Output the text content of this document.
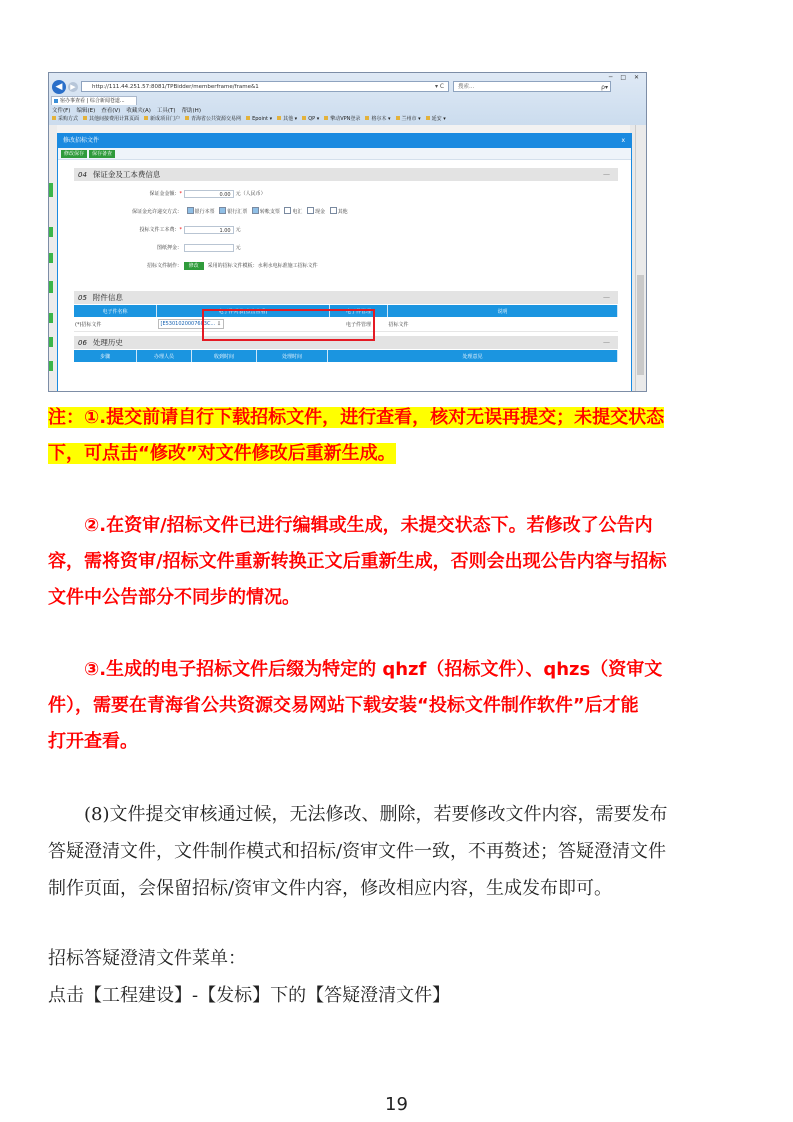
◀	▶	http://111.44.251.57:8081/TPBidder/memberframe/frame&1	▾ C	搜索...	ρ▾
─ □ ✕
宿办事查看 | 综合新闻苍道...
文件(F) 编辑(E) 查看(V) 收藏夹(A) 工具(T) 帮助(H)
采购方式 其他间接费用计算页面 新成项目门户 青海省公共资源交易网 Epoint ▾ 其他 ▾ QP ▾ 擎动VPN登录 格尔木 ▾ 兰州市 ▾ 延安 ▾
修改招标文件	x
修改保存 保存备查
04 保证金及工本费信息	—
保证金金额：*	0.00 元（人民币）
保证金允许递交方式：	银行本票	银行汇票	转帐支票	电汇	现金	其他
投标文件工本费：*	1.00 元
图纸押金：	元
招标文件制作： 修改 采用的招标文件模板：水利水电标准施工招标文件
05 附件信息	—
电子件名称	电子件列表(点击查看)	电子件管理	说明
(*)招标文件	[E5301020007603C... ⇩	电子件管理	招标文件
06 处理历史	—
步骤	办理人员	收到时间	处理时间	处理意见
注：①.提交前请自行下载招标文件，进行查看，核对无误再提交；未提交状态
下，可点击“修改”对文件修改后重新生成。
②.在资审/招标文件已进行编辑或生成，未提交状态下。若修改了公告内
容，需将资审/招标文件重新转换正文后重新生成，否则会出现公告内容与招标
文件中公告部分不同步的情况。
③.生成的电子招标文件后缀为特定的 qhzf（招标文件）、qhzs（资审文
件），需要在青海省公共资源交易网站下载安装“投标文件制作软件”后才能
打开查看。
(8)文件提交审核通过候，无法修改、删除，若要修改文件内容，需要发布
答疑澄清文件，文件制作模式和招标/资审文件一致，不再赘述；答疑澄清文件
制作页面，会保留招标/资审文件内容，修改相应内容，生成发布即可。
招标答疑澄清文件菜单：
点击【工程建设】-【发标】下的【答疑澄清文件】
19
